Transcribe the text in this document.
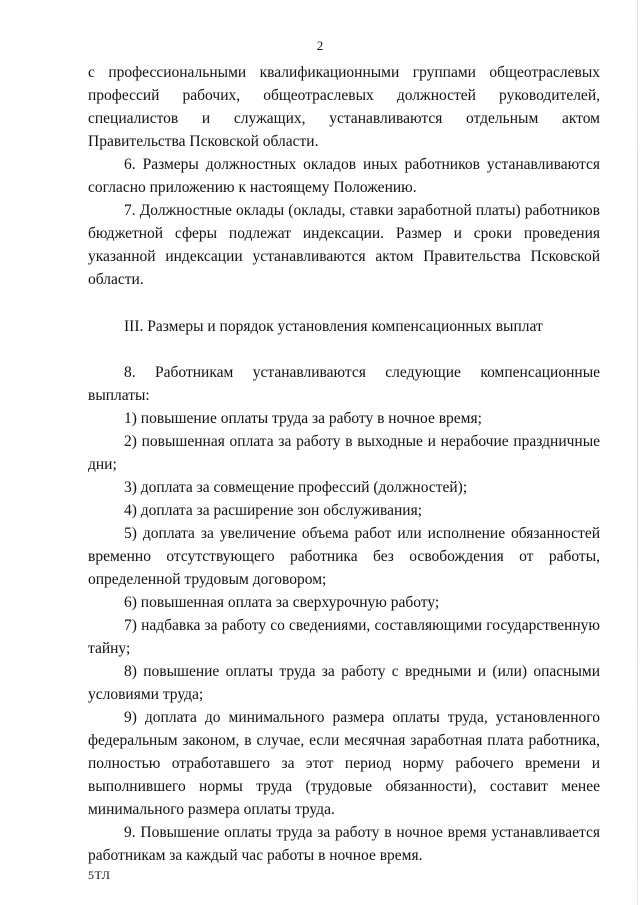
2

с профессиональными квалификационными группами общеотраслевых профессий рабочих, общеотраслевых должностей руководителей, специалистов и служащих, устанавливаются отдельным актом Правительства Псковской области.

6. Размеры должностных окладов иных работников устанавливаются согласно приложению к настоящему Положению.

7. Должностные оклады (оклады, ставки заработной платы) работников бюджетной сферы подлежат индексации. Размер и сроки проведения указанной индексации устанавливаются актом Правительства Псковской области.

III. Размеры и порядок установления компенсационных выплат

8. Работникам устанавливаются следующие компенсационные выплаты:

1) повышение оплаты труда за работу в ночное время;

2) повышенная оплата за работу в выходные и нерабочие праздничные дни;

3) доплата за совмещение профессий (должностей);

4) доплата за расширение зон обслуживания;

5) доплата за увеличение объема работ или исполнение обязанностей временно отсутствующего работника без освобождения от работы, определенной трудовым договором;

6) повышенная оплата за сверхурочную работу;

7) надбавка за работу со сведениями, составляющими государственную тайну;

8) повышение оплаты труда за работу с вредными и (или) опасными условиями труда;

9) доплата до минимального размера оплаты труда, установленного федеральным законом, в случае, если месячная заработная плата работника, полностью отработавшего за этот период норму рабочего времени и выполнившего нормы труда (трудовые обязанности), составит менее минимального размера оплаты труда.

9. Повышение оплаты труда за работу в ночное время устанавливается работникам за каждый час работы в ночное время.

5ТЛ
